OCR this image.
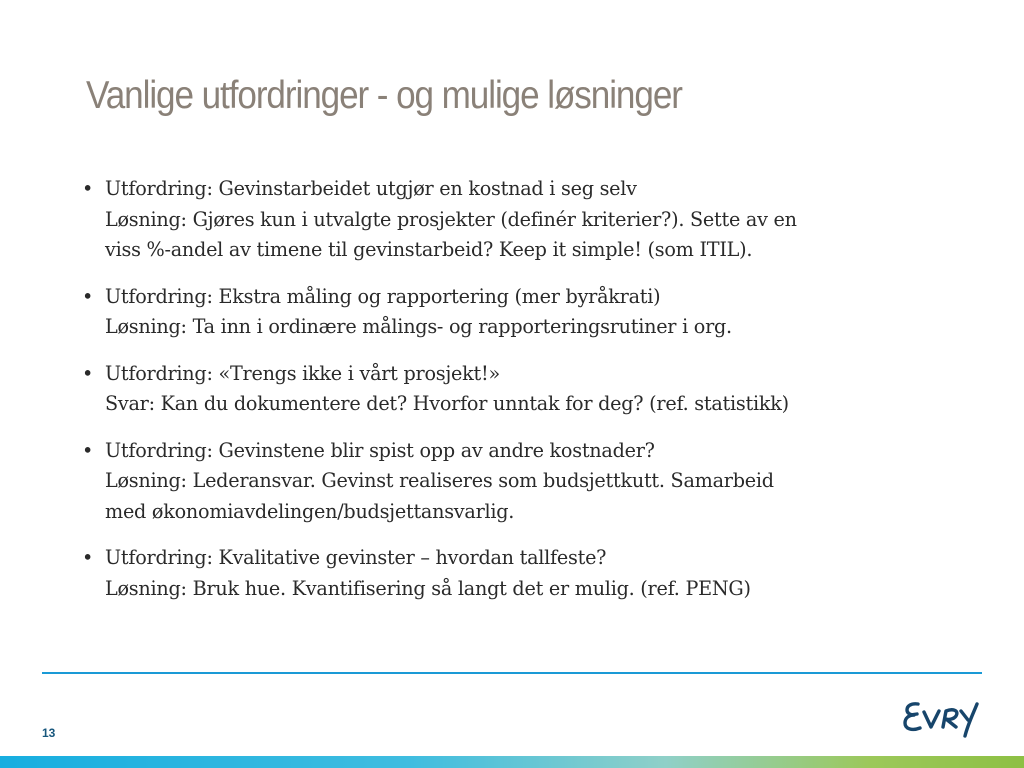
Vanlige utfordringer - og mulige løsninger
• Utfordring: Gevinstarbeidet utgjør en kostnad i seg selv
Løsning: Gjøres kun i utvalgte prosjekter (definér kriterier?). Sette av en
viss %-andel av timene til gevinstarbeid? Keep it simple! (som ITIL).
• Utfordring: Ekstra måling og rapportering (mer byråkrati)
Løsning: Ta inn i ordinære målings- og rapporteringsrutiner i org.
• Utfordring: «Trengs ikke i vårt prosjekt!»
Svar: Kan du dokumentere det? Hvorfor unntak for deg? (ref. statistikk)
• Utfordring: Gevinstene blir spist opp av andre kostnader?
Løsning: Lederansvar. Gevinst realiseres som budsjettkutt. Samarbeid
med økonomiavdelingen/budsjettansvarlig.
• Utfordring: Kvalitative gevinster – hvordan tallfeste?
Løsning: Bruk hue. Kvantifisering så langt det er mulig. (ref. PENG)
13
EVRY
